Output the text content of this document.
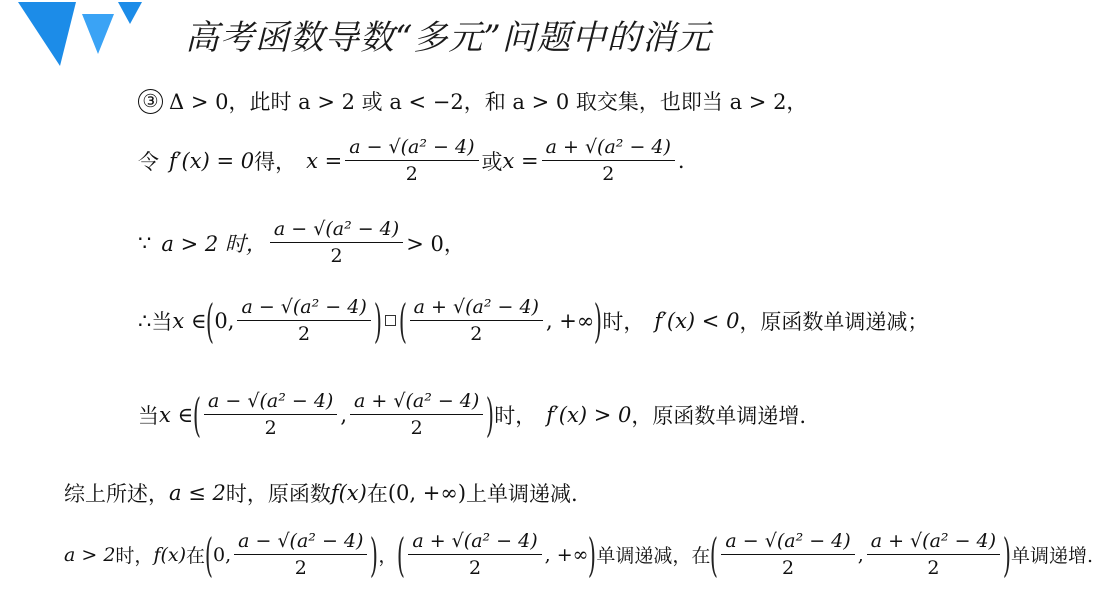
高考函数导数“多元”问题中的消元
③ Δ > 0，此时 a > 2 或 a < −2，和 a > 0 取交集，也即当 a > 2，
令 f′(x) = 0 得， $x = \frac{\text{a − √(a² − 4)}}{2}$ 或 $x = \frac{\text{a + √(a² − 4)}}{2}$ .
∵ a > 2 时， $\frac{\text{a − √(a² − 4)}}{2} > 0$，
∴ 当 x ∈ ( 0, $\frac{\text{a − √(a² − 4)}}{2}$ ) ( $\frac{\text{a + √(a² − 4)}}{2}$ , +∞ ) 时， f′(x) < 0 ，原函数单调递减；
当 x ∈ ( $\frac{\text{a − √(a² − 4)}}{2}$ , $\frac{\text{a + √(a² − 4)}}{2}$ ) 时， f′(x) > 0 ，原函数单调递增.
综上所述， a ≤ 2 时，原函数 f(x) 在 (0, +∞) 上单调递减.
a > 2 时， f(x) 在 ( 0, $\frac{\text{a − √(a² − 4)}}{2}$ ) ， ( $\frac{\text{a + √(a² − 4)}}{2}$ , +∞ ) 单调递减，在 ( $\frac{\text{a − √(a² − 4)}}{2}$ , $\frac{\text{a + √(a² − 4)}}{2}$ ) 单调递增.
